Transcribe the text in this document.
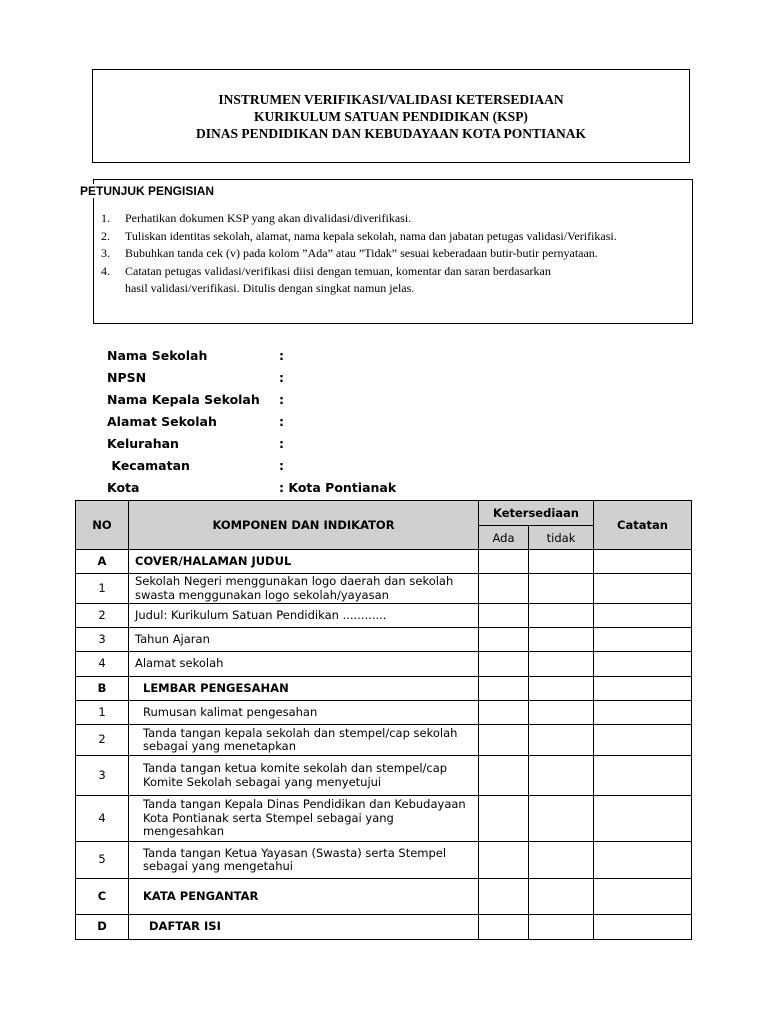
INSTRUMEN VERIFIKASI/VALIDASI KETERSEDIAAN
KURIKULUM SATUAN PENDIDIKAN (KSP)
DINAS PENDIDIKAN DAN KEBUDAYAAN KOTA PONTIANAK
PETUNJUK PENGISIAN
1.	Perhatikan dokumen KSP yang akan divalidasi/diverifikasi.
2.	Tuliskan identitas sekolah, alamat, nama kepala sekolah, nama dan jabatan petugas validasi/Verifikasi.
3.	Bubuhkan tanda cek (v) pada kolom ”Ada” atau ”Tidak” sesuai keberadaan butir-butir pernyataan.
4.	Catatan petugas validasi/verifikasi diisi dengan temuan, komentar dan saran berdasarkan
hasil validasi/verifikasi. Ditulis dengan singkat namun jelas.
Nama Sekolah	:
NPSN	:
Nama Kepala Sekolah	:
Alamat Sekolah	:
Kelurahan	:
Kecamatan	:
Kota	: Kota Pontianak
NO	KOMPONEN DAN INDIKATOR	Ketersediaan		Catatan
		Ada	tidak	
A	COVER/HALAMAN JUDUL			
1	Sekolah Negeri menggunakan logo daerah dan sekolah swasta menggunakan logo sekolah/yayasan			
2	Judul: Kurikulum Satuan Pendidikan ............			
3	Tahun Ajaran			
4	Alamat sekolah			
B	LEMBAR PENGESAHAN			
1	Rumusan kalimat pengesahan			
2	Tanda tangan kepala sekolah dan stempel/cap sekolah sebagai yang menetapkan			
3	Tanda tangan ketua komite sekolah dan stempel/cap Komite Sekolah sebagai yang menyetujui			
4	Tanda tangan Kepala Dinas Pendidikan dan Kebudayaan Kota Pontianak serta Stempel sebagai yang mengesahkan			
5	Tanda tangan Ketua Yayasan (Swasta) serta Stempel sebagai yang mengetahui			
C	KATA PENGANTAR			
D	DAFTAR ISI			
